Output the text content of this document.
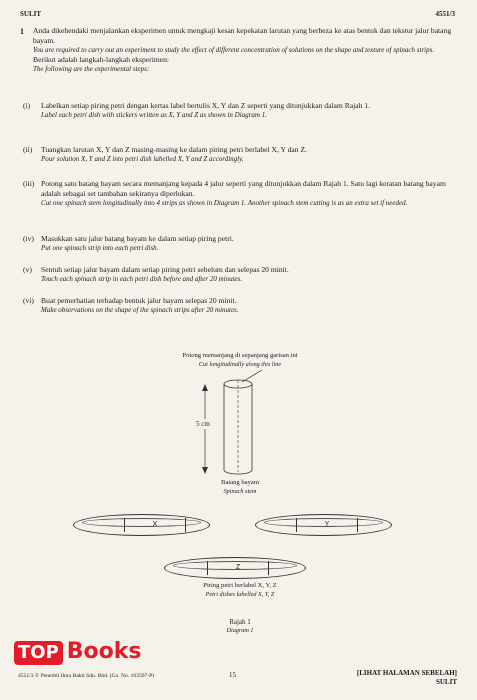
SULIT	4551/3
1 Anda dikehendaki menjalankan eksperimen untuk mengkaji kesan kepekatan larutan yang berbeza ke atas bentuk dan tekstur jalur batang bayam.
You are required to carry out an experiment to study the effect of different concentration of solutions on the shape and texture of spinach strips.
Berikut adalah langkah-langkah eksperimen:
The following are the experimental steps:
(i) Labelkan setiap piring petri dengan kertas label bertulis X, Y dan Z seperti yang ditunjukkan dalam Rajah 1.
Label each petri dish with stickers written as X, Y and Z as shown in Diagram 1.
(ii) Tuangkan larutan X, Y dan Z masing-masing ke dalam piring petri berlabel X, Y dan Z.
Pour solution X, Y and Z into petri dish labelled X, Y and Z accordingly.
(iii) Potong satu batang bayam secara memanjang kepada 4 jalur seperti yang ditunjukkan dalam Rajah 1. Satu lagi keratan batang bayam adalah sebagai set tambahan sekiranya diperlukan.
Cut one spinach stem longitudinally into 4 strips as shown in Diagram 1. Another spinach stem cutting is as an extra set if needed.
(iv) Masukkan satu jalur batang bayam ke dalam setiap piring petri.
Put one spinach strip into each petri dish.
(v) Sentuh setiap jalur bayam dalam setiap piring petri sebelum dan selepas 20 minit.
Touch each spinach strip in each petri dish before and after 20 minutes.
(vi) Buat pemerhatian terhadap bentuk jalur bayam selepas 20 minit.
Make observations on the shape of the spinach strips after 20 minutes.
Potong memanjang di sepanjang garisan ini
Cut longitudinally along this line
5 cm
Batang bayam
Spinach stem
X	Y
Z
Piring petri berlabel X, Y, Z
Petri dishes labelled X, Y, Z
Rajah 1
Diagram 1
TOP Books
4551/3 © Penerbit Ilmu Bakti Sdn. Bhd. (Co. No. 163597-P)	15	[LIHAT HALAMAN SEBELAH]
SULIT
